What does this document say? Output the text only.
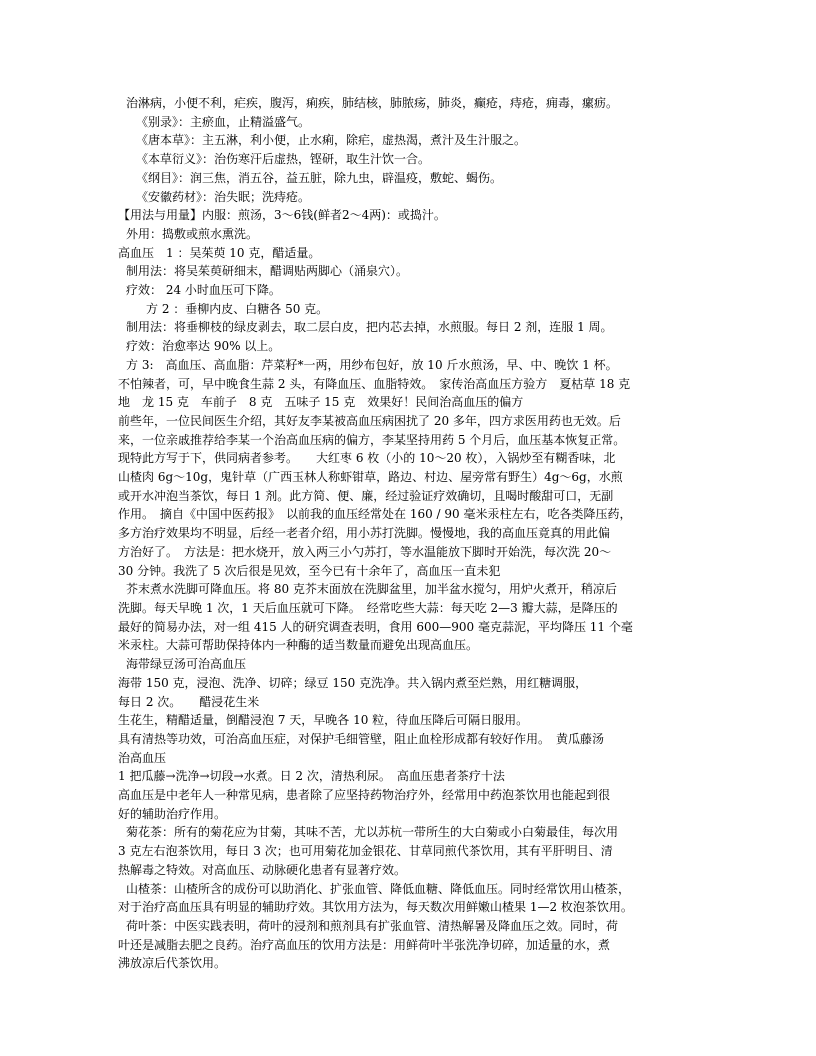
治淋病，小便不利，疟疾，腹泻，痢疾，肺结核，肺脓疡，肺炎，癫疮，痔疮，痈毒，瘰疬。
《别录》：主瘀血，止精溢盛气。
《唐本草》：主五淋，利小便，止水痢，除疟，虚热渴，煮汁及生汁服之。
《本草衍义》：治伤寒汗后虚热，铿研，取生汁饮一合。
《纲目》：润三焦，消五谷，益五脏，除九虫，辟温疫，敷蛇、蝎伤。
《安徽药材》：治失眠；洗痔疮。
【用法与用量】内服：煎汤，3～6钱(鲜者2～4两)：或捣汁。
外用：捣敷或煎水熏洗。
高血压　1 ：吴茱萸 10 克，醋适量。
制用法：将吴茱萸研细末，醋调贴两脚心（涌泉穴）。
疗效： 24 小时血压可下降。
方 2 ：垂柳内皮、白糖各 50 克。
制用法：将垂柳枝的绿皮剥去，取二层白皮，把内芯去掉，水煎服。每日 2 剂，连服 1 周。
疗效：治愈率达 90% 以上。
方 3:　高血压、高血脂：芹菜籽*一两，用纱布包好，放 10 斤水煎汤，早、中、晚饮 1 杯。
不怕辣者，可，早中晚食生蒜 2 头，有降血压、血脂特效。　家传治高血压方验方　夏枯草 18 克
地　龙 15 克　车前子　8 克　五味子 15 克　效果好！民间治高血压的偏方
前些年，一位民间医生介绍，其好友李某被高血压病困扰了 20 多年，四方求医用药也无效。后
来，一位亲戚推荐给李某一个治高血压病的偏方，李某坚持用药 5 个月后，血压基本恢复正常。
现特此方写于下，供同病者参考。　　大红枣 6 枚（小的 10～20 枚），入锅炒至有糊香味，北
山楂肉 6g～10g，鬼针草（广西玉林人称虾钳草，路边、村边、屋旁常有野生）4g～6g，水煎
或开水冲泡当茶饮，每日 1 剂。此方简、便、廉，经过验证疗效确切，且喝时酸甜可口，无副
作用。　摘自《中国中医药报》　以前我的血压经常处在 160 / 90 毫米汞柱左右，吃各类降压药，
多方治疗效果均不明显，后经一老者介绍，用小苏打洗脚。慢慢地，我的高血压竟真的用此偏
方治好了。　方法是：把水烧开，放入两三小勺苏打，等水温能放下脚时开始洗，每次洗 20～
30 分钟。我洗了 5 次后很是见效，至今已有十余年了，高血压一直未犯
芥末煮水洗脚可降血压。将 80 克芥末面放在洗脚盆里，加半盆水搅匀，用炉火煮开，稍凉后
洗脚。每天早晚 1 次，1 天后血压就可下降。　经常吃些大蒜：每天吃 2—3 瓣大蒜，是降压的
最好的简易办法，对一组 415 人的研究调查表明，食用 600—900 毫克蒜泥，平均降压 11 个毫
米汞柱。大蒜可帮助保持体内一种酶的适当数量而避免出现高血压。
海带绿豆汤可治高血压
海带 150 克，浸泡、洗净、切碎；绿豆 150 克洗净。共入锅内煮至烂熟，用红糖调服，
每日 2 次。　　醋浸花生米
生花生，精醋适量，倒醋浸泡 7 天，早晚各 10 粒，待血压降后可隔日服用。
具有清热等功效，可治高血压症，对保护毛细管壁，阻止血栓形成都有较好作用。　黄瓜藤汤
治高血压
1 把瓜藤→洗净→切段→水煮。日 2 次，清热利尿。　高血压患者茶疗十法
高血压是中老年人一种常见病，患者除了应坚持药物治疗外，经常用中药泡茶饮用也能起到很
好的辅助治疗作用。
菊花茶：所有的菊花应为甘菊，其味不苦，尤以苏杭一带所生的大白菊或小白菊最佳，每次用
3 克左右泡茶饮用，每日 3 次；也可用菊花加金银花、甘草同煎代茶饮用，其有平肝明目、清
热解毒之特效。对高血压、动脉硬化患者有显著疗效。
山楂茶：山楂所含的成份可以助消化、扩张血管、降低血糖、降低血压。同时经常饮用山楂茶，
对于治疗高血压具有明显的辅助疗效。其饮用方法为，每天数次用鲜嫩山楂果 1—2 枚泡茶饮用。
荷叶茶：中医实践表明，荷叶的浸剂和煎剂具有扩张血管、清热解暑及降血压之效。同时，荷
叶还是减脂去肥之良药。治疗高血压的饮用方法是：用鲜荷叶半张洗净切碎，加适量的水，煮
沸放凉后代茶饮用。
